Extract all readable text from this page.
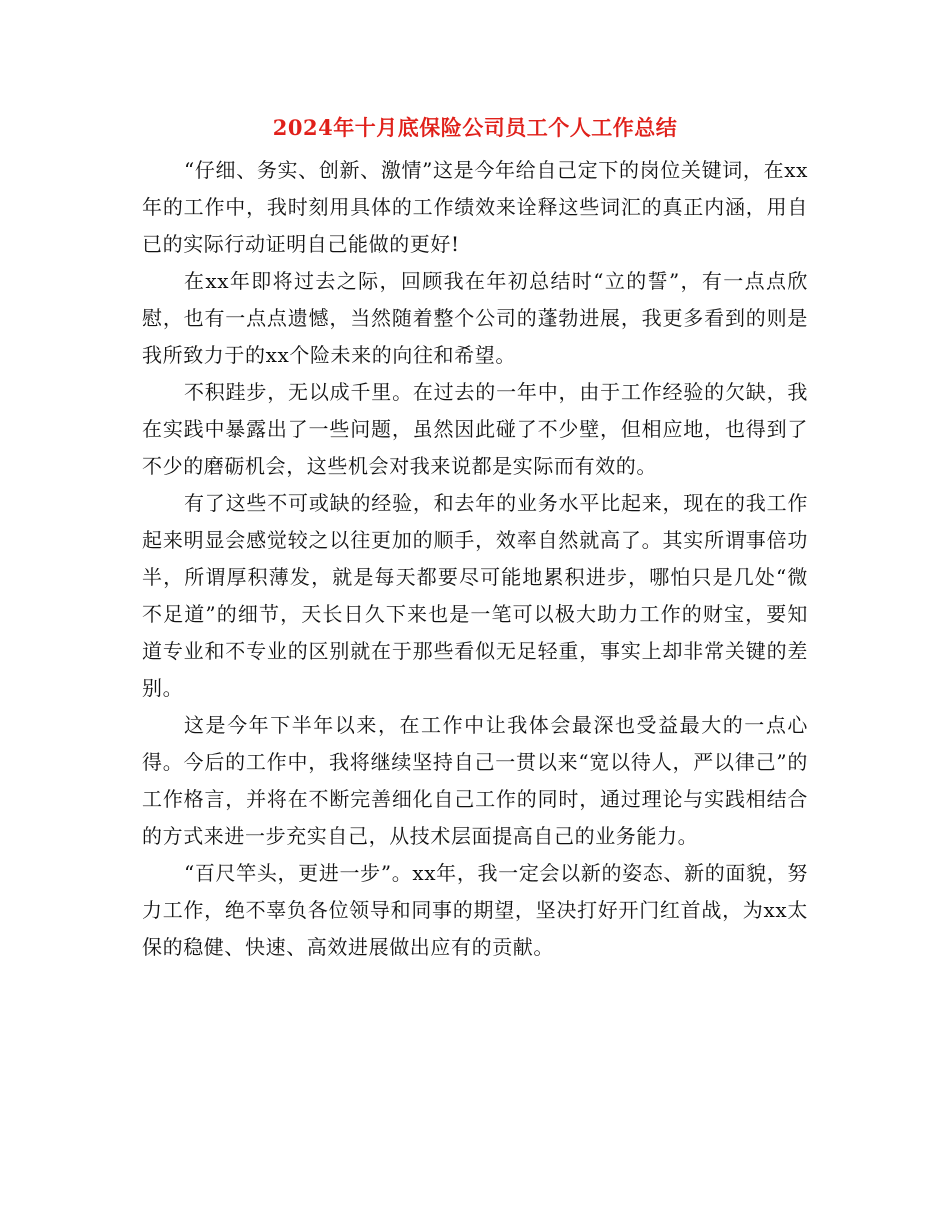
2024年十月底保险公司员工个人工作总结

“仔细、务实、创新、激情”这是今年给自己定下的岗位关键词，在xx年的工作中，我时刻用具体的工作绩效来诠释这些词汇的真正内涵，用自已的实际行动证明自己能做的更好!

在xx年即将过去之际，回顾我在年初总结时“立的誓”，有一点点欣慰，也有一点点遗憾，当然随着整个公司的蓬勃进展，我更多看到的则是我所致力于的xx个险未来的向往和希望。

不积跬步，无以成千里。在过去的一年中，由于工作经验的欠缺，我在实践中暴露出了一些问题，虽然因此碰了不少壁，但相应地，也得到了不少的磨砺机会，这些机会对我来说都是实际而有效的。

有了这些不可或缺的经验，和去年的业务水平比起来，现在的我工作起来明显会感觉较之以往更加的顺手，效率自然就高了。其实所谓事倍功半，所谓厚积薄发，就是每天都要尽可能地累积进步，哪怕只是几处“微不足道”的细节，天长日久下来也是一笔可以极大助力工作的财宝，要知道专业和不专业的区别就在于那些看似无足轻重，事实上却非常关键的差别。

这是今年下半年以来，在工作中让我体会最深也受益最大的一点心得。今后的工作中，我将继续坚持自己一贯以来“宽以待人，严以律己”的工作格言，并将在不断完善细化自己工作的同时，通过理论与实践相结合的方式来进一步充实自己，从技术层面提高自己的业务能力。

“百尺竿头，更进一步”。xx年，我一定会以新的姿态、新的面貌，努力工作，绝不辜负各位领导和同事的期望，坚决打好开门红首战，为xx太保的稳健、快速、高效进展做出应有的贡献。
